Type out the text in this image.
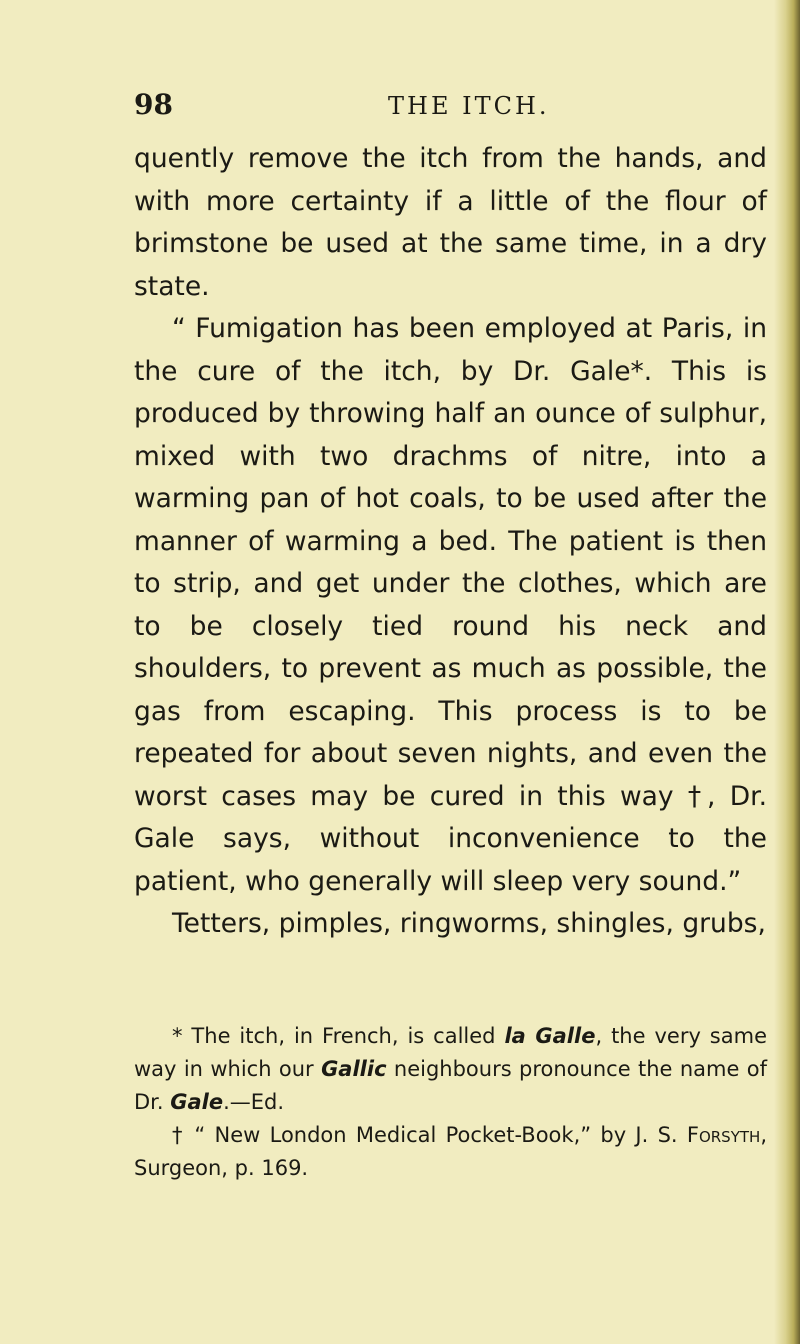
98	THE ITCH.

quently remove the itch from the hands, and with more certainty if a little of the flour of brimstone be used at the same time, in a dry state.

“ Fumigation has been employed at Paris, in the cure of the itch, by Dr. Gale*. This is produced by throwing half an ounce of sulphur, mixed with two drachms of nitre, into a warming pan of hot coals, to be used after the manner of warming a bed. The patient is then to strip, and get under the clothes, which are to be closely tied round his neck and shoulders, to prevent as much as possible, the gas from escaping. This process is to be repeated for about seven nights, and even the worst cases may be cured in this way †, Dr. Gale says, without inconvenience to the patient, who generally will sleep very sound.”

Tetters, pimples, ringworms, shingles, grubs,

* The itch, in French, is called la Galle, the very same way in which our Gallic neighbours pronounce the name of Dr. Gale.—Ed.

† “ New London Medical Pocket-Book,” by J. S. Forsyth, Surgeon, p. 169.
